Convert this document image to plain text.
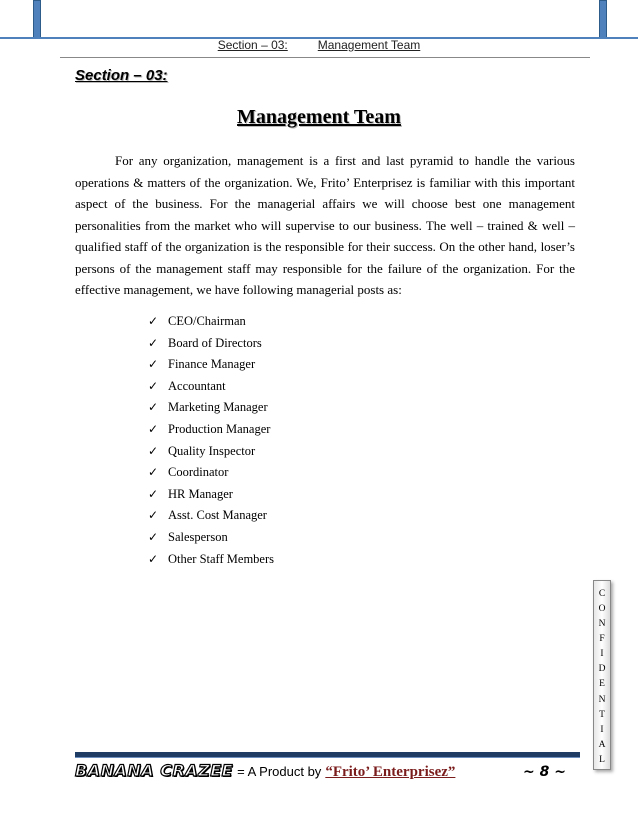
Section – 03:	Management Team
Section – 03:
Management Team

For any organization, management is a first and last pyramid to handle the various operations & matters of the organization. We, Frito’ Enterprisez is familiar with this important aspect of the business. For the managerial affairs we will choose best one management personalities from the market who will supervise to our business. The well – trained & well – qualified staff of the organization is the responsible for their success. On the other hand, loser’s persons of the management staff may responsible for the failure of the organization. For the effective management, we have following managerial posts as:

✓ CEO/Chairman
✓ Board of Directors
✓ Finance Manager
✓ Accountant
✓ Marketing Manager
✓ Production Manager
✓ Quality Inspector
✓ Coordinator
✓ HR Manager
✓ Asst. Cost Manager
✓ Salesperson
✓ Other Staff Members
C
O
N
F
I
D
E
N
T
I
A
L
BANANA CRAZEE = A Product by “Frito’ Enterprisez”	~ 8 ~
